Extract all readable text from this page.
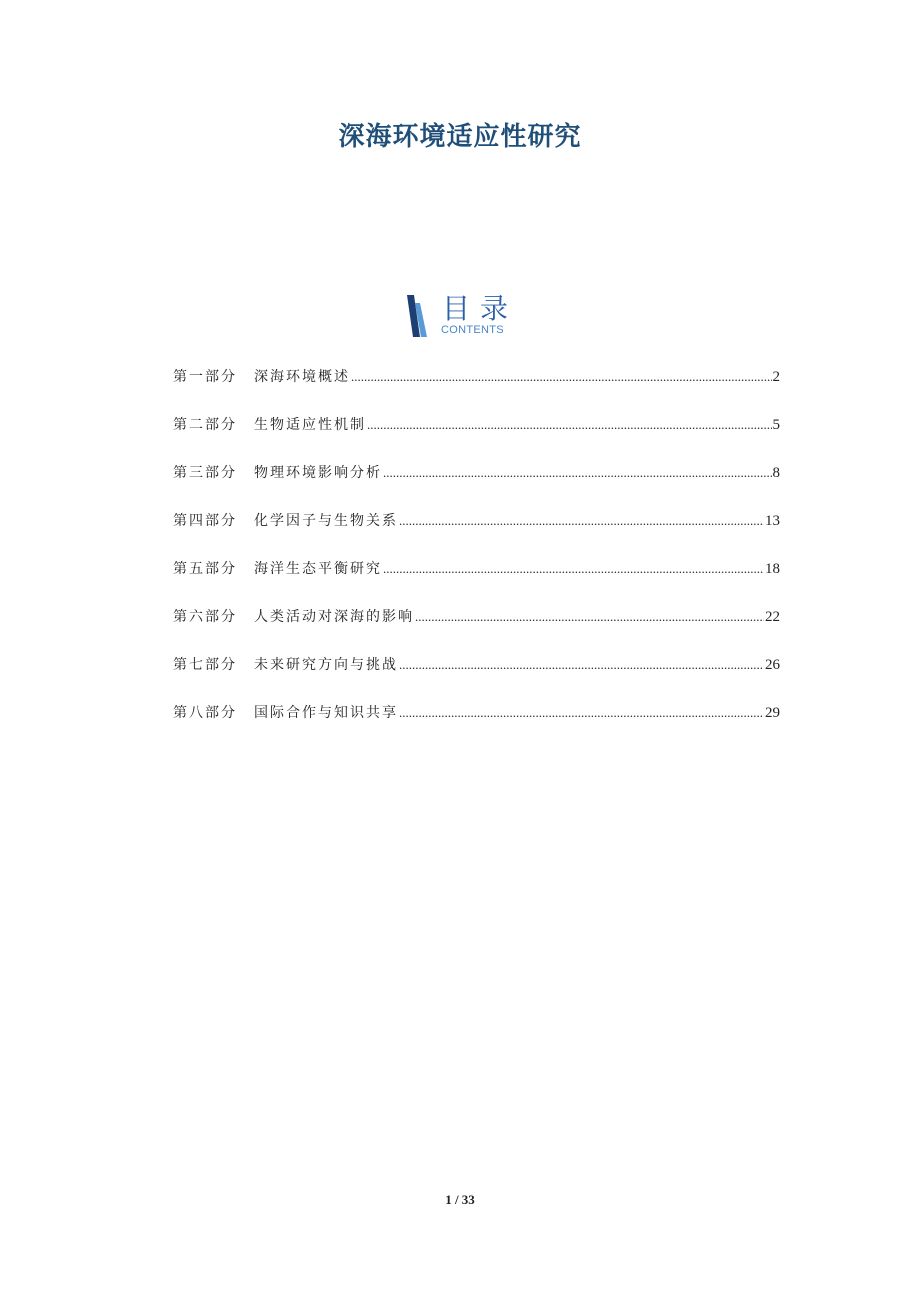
深海环境适应性研究
目录
CONTENTS
第一部分	深海环境概述 .....	2
第二部分	生物适应性机制 .....	5
第三部分	物理环境影响分析 .....	8
第四部分	化学因子与生物关系 .....	13
第五部分	海洋生态平衡研究 .....	18
第六部分	人类活动对深海的影响 .....	22
第七部分	未来研究方向与挑战 .....	26
第八部分	国际合作与知识共享 .....	29
1 / 33
